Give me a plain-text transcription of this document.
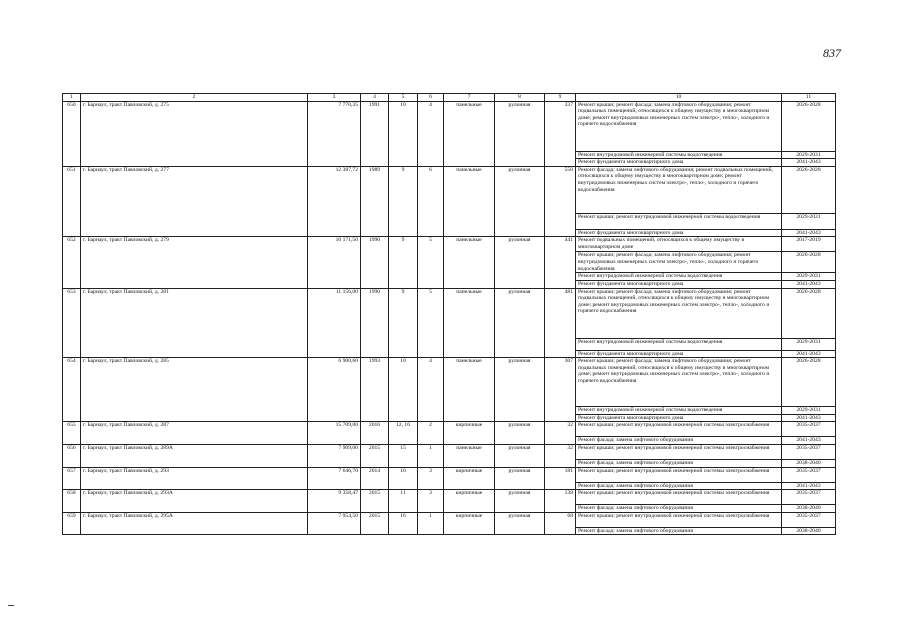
837
1	2	3	4	5	6	7	8	9	10	11
650	г. Барнаул, тракт Павловский, д. 275	7 770,35	1991	10	4	панельные	рулонная	337	Ремонт крыши; ремонт фасада; замена лифтового оборудования; ремонт подвальных помещений, относящихся к общему имуществу в многоквартирном доме; ремонт внутридомовых инженерных систем электро-, тепло-, холодного и горячего водоснабжения	2026-2028
									Ремонт внутридомовой инженерной системы водоотведения	2029-2031
									Ремонт фундамента многоквартирного дома	2041-2043
651	г. Барнаул, тракт Павловский, д. 277	12 387,72	1989	9	6	панельные	рулонная	550	Ремонт фасада; замена лифтового оборудования; ремонт подвальных помещений, относящихся к общему имуществу в многоквартирном доме; ремонт внутридомовых инженерных систем электро-, тепло-, холодного и горячего водоснабжения	2026-2028
									Ремонт крыши; ремонт внутридомовой инженерной системы водоотведения	2029-2031
									Ремонт фундамента многоквартирного дома	2041-2043
652	г. Барнаул, тракт Павловский, д. 279	10 171,50	1990	9	5	панельные	рулонная	441	Ремонт подвальных помещений, относящихся к общему имуществу в многоквартирном доме	2017-2019
									Ремонт крыши; ремонт фасада; замена лифтового оборудования; ремонт внутридомовых инженерных систем электро-, тепло-, холодного и горячего водоснабжения	2026-2028
									Ремонт внутридомовой инженерной системы водоотведения	2029-2031
									Ремонт фундамента многоквартирного дома	2041-2043
653	г. Барнаул, тракт Павловский, д. 281	11 156,00	1990	9	5	панельные	рулонная	481	Ремонт крыши; ремонт фасада; замена лифтового оборудования; ремонт подвальных помещений, относящихся к общему имуществу в многоквартирном доме; ремонт внутридомовых инженерных систем электро-, тепло-, холодного и горячего водоснабжения	2026-2028
									Ремонт внутридомовой инженерной системы водоотведения	2029-2031
									Ремонт фундамента многоквартирного дома	2041-2043
654	г. Барнаул, тракт Павловский, д. 285	6 900,60	1993	10	4	панельные	рулонная	307	Ремонт крыши; ремонт фасада; замена лифтового оборудования; ремонт подвальных помещений, относящихся к общему имуществу в многоквартирном доме; ремонт внутридомовых инженерных систем электро-, тепло-, холодного и горячего водоснабжения	2026-2028
									Ремонт внутридомовой инженерной системы водоотведения	2029-2031
									Ремонт фундамента многоквартирного дома	2041-2043
655	г. Барнаул, тракт Павловский, д. 287	15 709,00	2016	12, 16	2	кирпичные	рулонная	32	Ремонт крыши; ремонт внутридомовой инженерной системы электроснабжения	2035-2037
									Ремонт фасада; замена лифтового оборудования	2041-2043
656	г. Барнаул, тракт Павловский, д. 289А	7 909,00	2015	15	1	панельные	рулонная	32	Ремонт крыши; ремонт внутридомовой инженерной системы электроснабжения	2035-2037
									Ремонт фасада; замена лифтового оборудования	2038-2040
657	г. Барнаул, тракт Павловский, д. 293	7 646,70	2014	10	3	кирпичные	рулонная	181	Ремонт крыши; ремонт внутридомовой инженерной системы электроснабжения	2035-2037
									Ремонт фасада; замена лифтового оборудования	2041-2043
658	г. Барнаул, тракт Павловский, д. 293А	9 358,47	2015	11	3	кирпичные	рулонная	138	Ремонт крыши; ремонт внутридомовой инженерной системы электроснабжения	2035-2037
									Ремонт фасада; замена лифтового оборудования	2038-2040
659	г. Барнаул, тракт Павловский, д. 295А	7 954,50	2015	16	1	кирпичные	рулонная	68	Ремонт крыши; ремонт внутридомовой инженерной системы электроснабжения	2035-2037
									Ремонт фасада; замена лифтового оборудования	2038-2040
